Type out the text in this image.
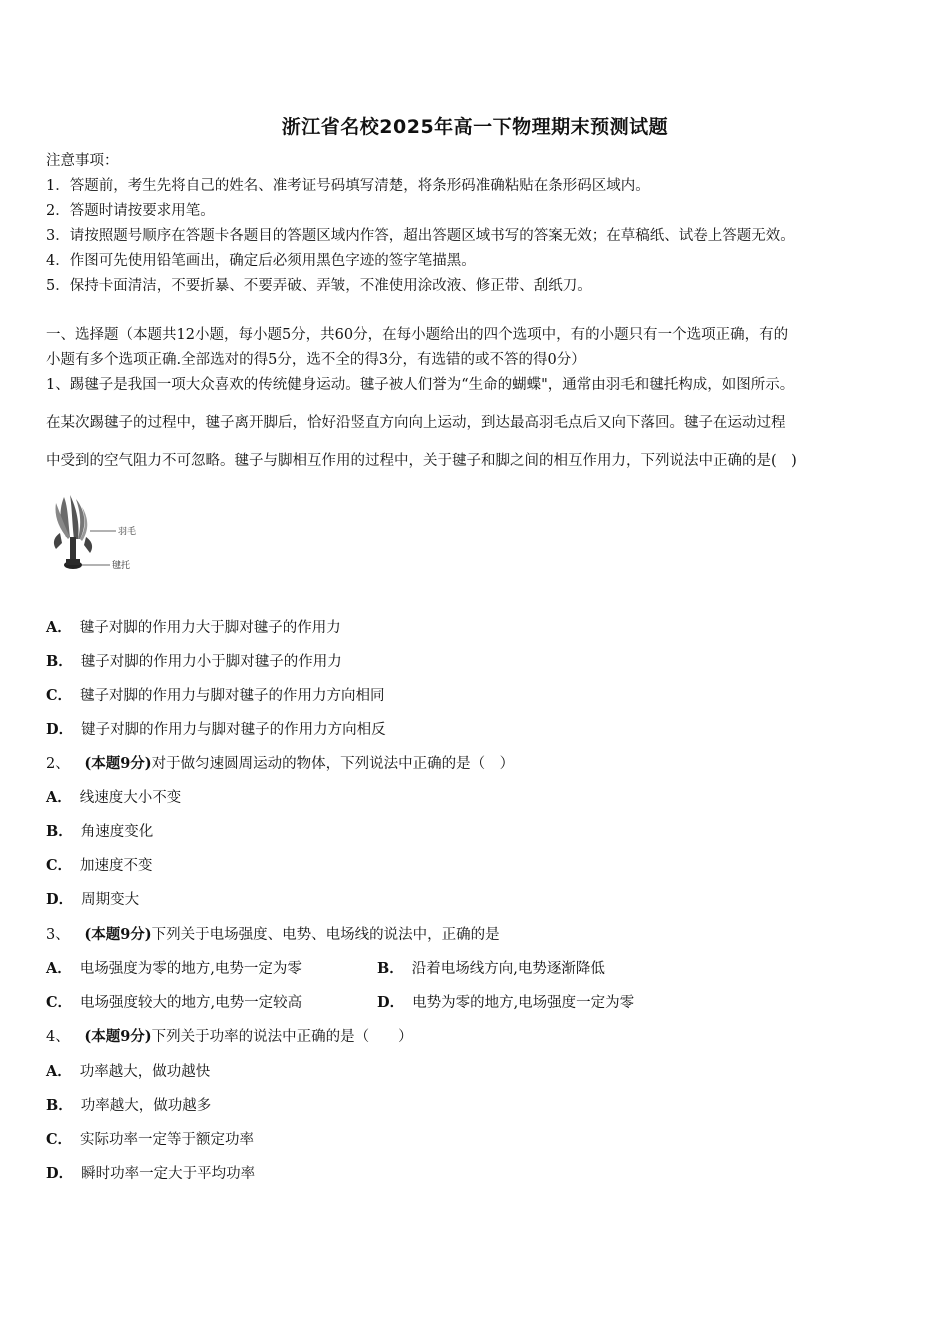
浙江省名校2025年高一下物理期末预测试题
注意事项：
1．答题前，考生先将自己的姓名、准考证号码填写清楚，将条形码准确粘贴在条形码区域内。
2．答题时请按要求用笔。
3．请按照题号顺序在答题卡各题目的答题区域内作答，超出答题区域书写的答案无效；在草稿纸、试卷上答题无效。
4．作图可先使用铅笔画出，确定后必须用黑色字迹的签字笔描黑。
5．保持卡面清洁，不要折暴、不要弄破、弄皱，不准使用涂改液、修正带、刮纸刀。
一、选择题（本题共12小题，每小题5分，共60分，在每小题给出的四个选项中，有的小题只有一个选项正确，有的
小题有多个选项正确.全部选对的得5分，选不全的得3分，有选错的或不答的得0分）
1、踢毽子是我国一项大众喜欢的传统健身运动。毽子被人们誉为“生命的蝴蝶"，通常由羽毛和毽托构成，如图所示。
在某次踢毽子的过程中，毽子离开脚后，恰好沿竖直方向向上运动，到达最高羽毛点后又向下落回。毽子在运动过程
中受到的空气阻力不可忽略。毽子与脚相互作用的过程中，关于毽子和脚之间的相互作用力，下列说法中正确的是(　)
羽毛
毽托
A． 毽子对脚的作用力大于脚对毽子的作用力
B． 毽子对脚的作用力小于脚对毽子的作用力
C． 毽子对脚的作用力与脚对毽子的作用力方向相同
D． 键子对脚的作用力与脚对毽子的作用力方向相反
2、 (本题9分)对于做匀速圆周运动的物体，下列说法中正确的是（　）
A． 线速度大小不变
B． 角速度变化
C． 加速度不变
D． 周期变大
3、 (本题9分)下列关于电场强度、电势、电场线的说法中，正确的是
A． 电场强度为零的地方,电势一定为零	B． 沿着电场线方向,电势逐渐降低
C． 电场强度较大的地方,电势一定较高	D． 电势为零的地方,电场强度一定为零
4、 (本题9分)下列关于功率的说法中正确的是（　　）
A． 功率越大，做功越快
B． 功率越大，做功越多
C． 实际功率一定等于额定功率
D． 瞬时功率一定大于平均功率
